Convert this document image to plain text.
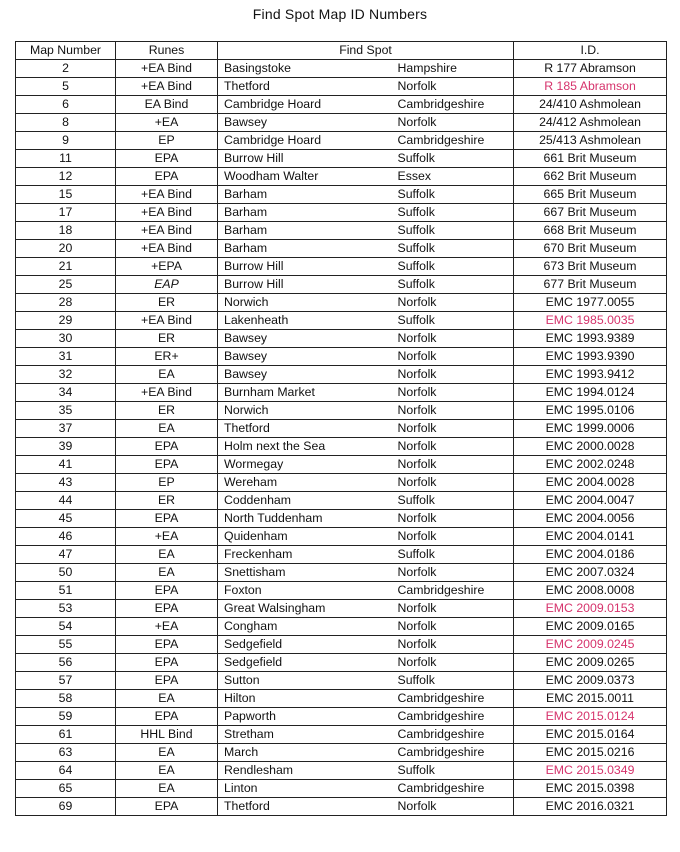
Find Spot Map ID Numbers
Map Number	Runes	Find Spot		I.D.
2	+EA Bind	Basingstoke	Hampshire	R 177 Abramson
5	+EA Bind	Thetford	Norfolk	R 185 Abramson
6	EA Bind	Cambridge Hoard	Cambridgeshire	24/410 Ashmolean
8	+EA	Bawsey	Norfolk	24/412 Ashmolean
9	EP	Cambridge Hoard	Cambridgeshire	25/413 Ashmolean
11	EPA	Burrow Hill	Suffolk	661 Brit Museum
12	EPA	Woodham Walter	Essex	662 Brit Museum
15	+EA Bind	Barham	Suffolk	665 Brit Museum
17	+EA Bind	Barham	Suffolk	667 Brit Museum
18	+EA Bind	Barham	Suffolk	668 Brit Museum
20	+EA Bind	Barham	Suffolk	670 Brit Museum
21	+EPA	Burrow Hill	Suffolk	673 Brit Museum
25	EAP	Burrow Hill	Suffolk	677 Brit Museum
28	ER	Norwich	Norfolk	EMC 1977.0055
29	+EA Bind	Lakenheath	Suffolk	EMC 1985.0035
30	ER	Bawsey	Norfolk	EMC 1993.9389
31	ER+	Bawsey	Norfolk	EMC 1993.9390
32	EA	Bawsey	Norfolk	EMC 1993.9412
34	+EA Bind	Burnham Market	Norfolk	EMC 1994.0124
35	ER	Norwich	Norfolk	EMC 1995.0106
37	EA	Thetford	Norfolk	EMC 1999.0006
39	EPA	Holm next the Sea	Norfolk	EMC 2000.0028
41	EPA	Wormegay	Norfolk	EMC 2002.0248
43	EP	Wereham	Norfolk	EMC 2004.0028
44	ER	Coddenham	Suffolk	EMC 2004.0047
45	EPA	North Tuddenham	Norfolk	EMC 2004.0056
46	+EA	Quidenham	Norfolk	EMC 2004.0141
47	EA	Freckenham	Suffolk	EMC 2004.0186
50	EA	Snettisham	Norfolk	EMC 2007.0324
51	EPA	Foxton	Cambridgeshire	EMC 2008.0008
53	EPA	Great Walsingham	Norfolk	EMC 2009.0153
54	+EA	Congham	Norfolk	EMC 2009.0165
55	EPA	Sedgefield	Norfolk	EMC 2009.0245
56	EPA	Sedgefield	Norfolk	EMC 2009.0265
57	EPA	Sutton	Suffolk	EMC 2009.0373
58	EA	Hilton	Cambridgeshire	EMC 2015.0011
59	EPA	Papworth	Cambridgeshire	EMC 2015.0124
61	HHL Bind	Stretham	Cambridgeshire	EMC 2015.0164
63	EA	March	Cambridgeshire	EMC 2015.0216
64	EA	Rendlesham	Suffolk	EMC 2015.0349
65	EA	Linton	Cambridgeshire	EMC 2015.0398
69	EPA	Thetford	Norfolk	EMC 2016.0321
